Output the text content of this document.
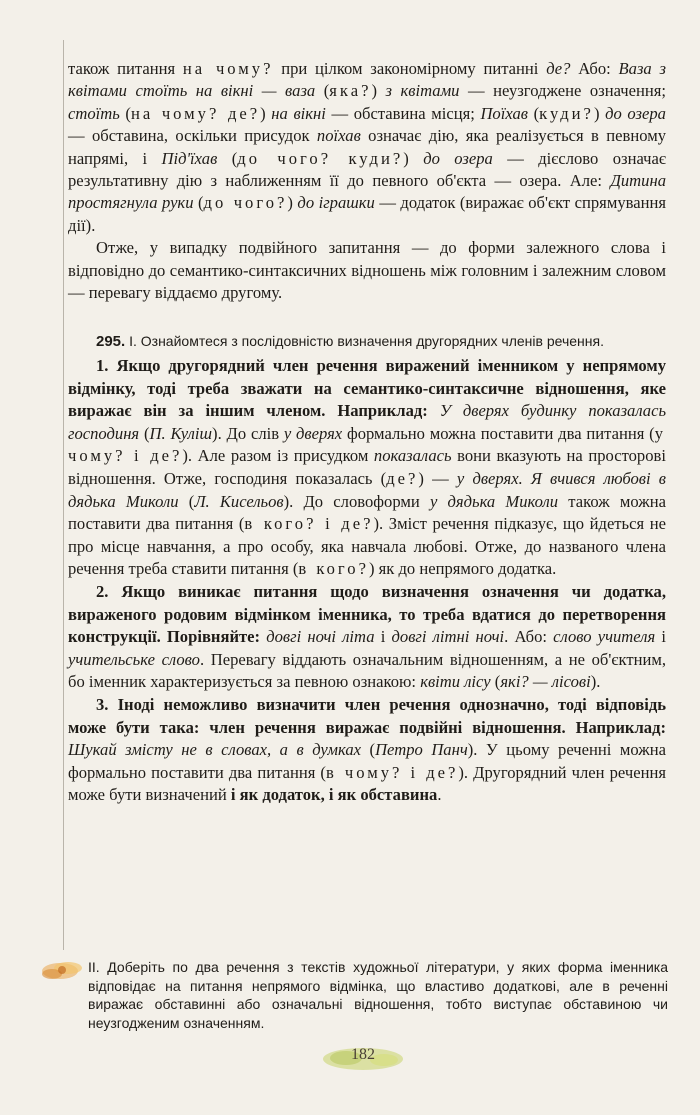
також питання на чому? при цілком закономірному питанні де? Або: Ваза з квітами стоїть на вікні — ваза (яка?) з квітами — неузгоджене означення; стоїть (на чому? де?) на вікні — обставина місця; Поїхав (куди?) до озера — обставина, оскільки присудок поїхав означає дію, яка реалізується в певному напрямі, і Під'їхав (до чого? куди?) до озера — дієслово означає результативну дію з наближенням її до певного об'єкта — озера. Але: Дитина простягнула руки (до чого?) до іграшки — додаток (виражає об'єкт спрямування дії).

Отже, у випадку подвійного запитання — до форми залежного слова і відповідно до семантико-синтаксичних відношень між головним і залежним словом — перевагу віддаємо другому.

295. I. Ознайомтеся з послідовністю визначення другорядних членів речення.

1. Якщо другорядний член речення виражений іменником у непрямому відмінку, тоді треба зважати на семантико-синтаксичне відношення, яке виражає він за іншим членом. Наприклад: У дверях будинку показалась господиня (П. Куліш). До слів у дверях формально можна поставити два питання (у чому? і де?). Але разом із присудком показалась вони вказують на просторові відношення. Отже, господиня показалась (де?) — у дверях. Я вчився любові в дядька Миколи (Л. Кисельов). До словоформи у дядька Миколи також можна поставити два питання (в кого? і де?). Зміст речення підказує, що йдеться не про місце навчання, а про особу, яка навчала любові. Отже, до названого члена речення треба ставити питання (в кого?) як до непрямого додатка.

2. Якщо виникає питання щодо визначення означення чи додатка, вираженого родовим відмінком іменника, то треба вдатися до перетворення конструкції. Порівняйте: довгі ночі літа і довгі літні ночі. Або: слово учителя і учительське слово. Перевагу віддають означальним відношенням, а не об'єктним, бо іменник характеризується за певною ознакою: квіти лісу (які? — лісові).

3. Іноді неможливо визначити член речення однозначно, тоді відповідь може бути така: член речення виражає подвійні відношення. Наприклад: Шукай змісту не в словах, а в думках (Петро Панч). У цьому реченні можна формально поставити два питання (в чому? і де?). Другорядний член речення може бути визначений і як додаток, і як обставина.

II. Доберіть по два речення з текстів художньої літератури, у яких форма іменника відповідає на питання непрямого відмінка, що властиво додаткові, але в реченні виражає обставинні або означальні відношення, тобто виступає обставиною чи неузгодженим означенням.

182
